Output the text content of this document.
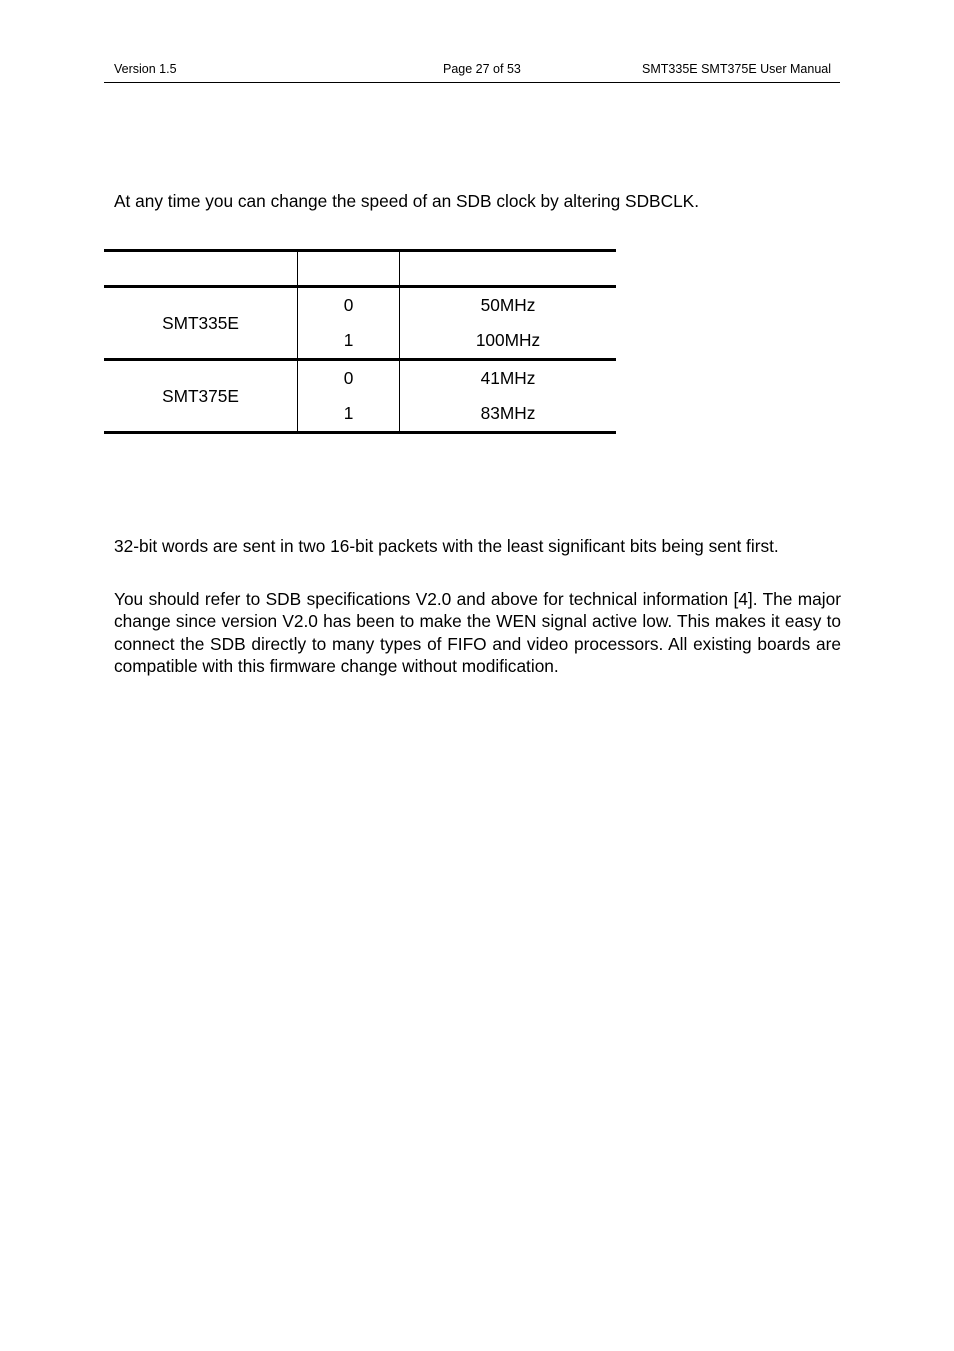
Version 1.5	Page 27 of 53	SMT335E SMT375E User Manual
At any time you can change the speed of an SDB clock by altering SDBCLK.

SMT335E	0	50MHz
	1	100MHz
SMT375E	0	41MHz
	1	83MHz

32-bit words are sent in two 16-bit packets with the least significant bits being sent first.

You should refer to SDB specifications V2.0 and above for technical information [4]. The major change since version V2.0 has been to make the WEN signal active low. This makes it easy to connect the SDB directly to many types of FIFO and video processors. All existing boards are compatible with this firmware change without modification.
